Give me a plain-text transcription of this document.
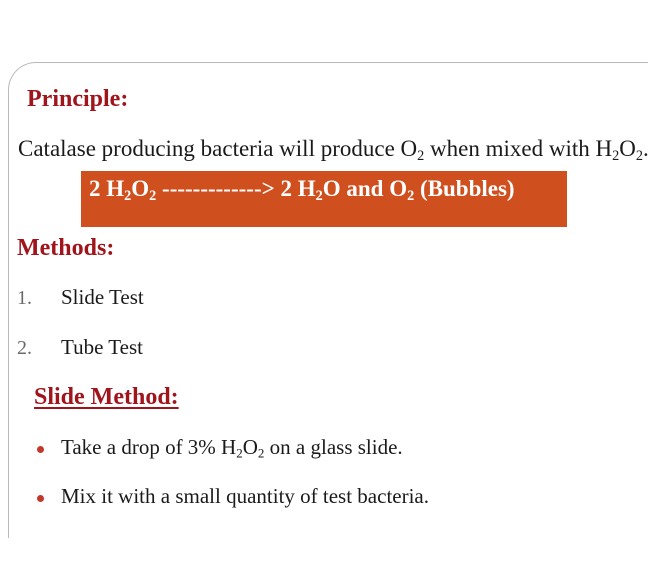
Principle:
Catalase producing bacteria will produce $O_2$ when mixed with $H_2O_2$.
2 $H_2O_2$ -------------> 2 $H_2O$ and $O_2$ (Bubbles)
Methods:
1. Slide Test
2. Tube Test
Slide Method:
Take a drop of 3% $H_2O_2$ on a glass slide.
Mix it with a small quantity of test bacteria.
